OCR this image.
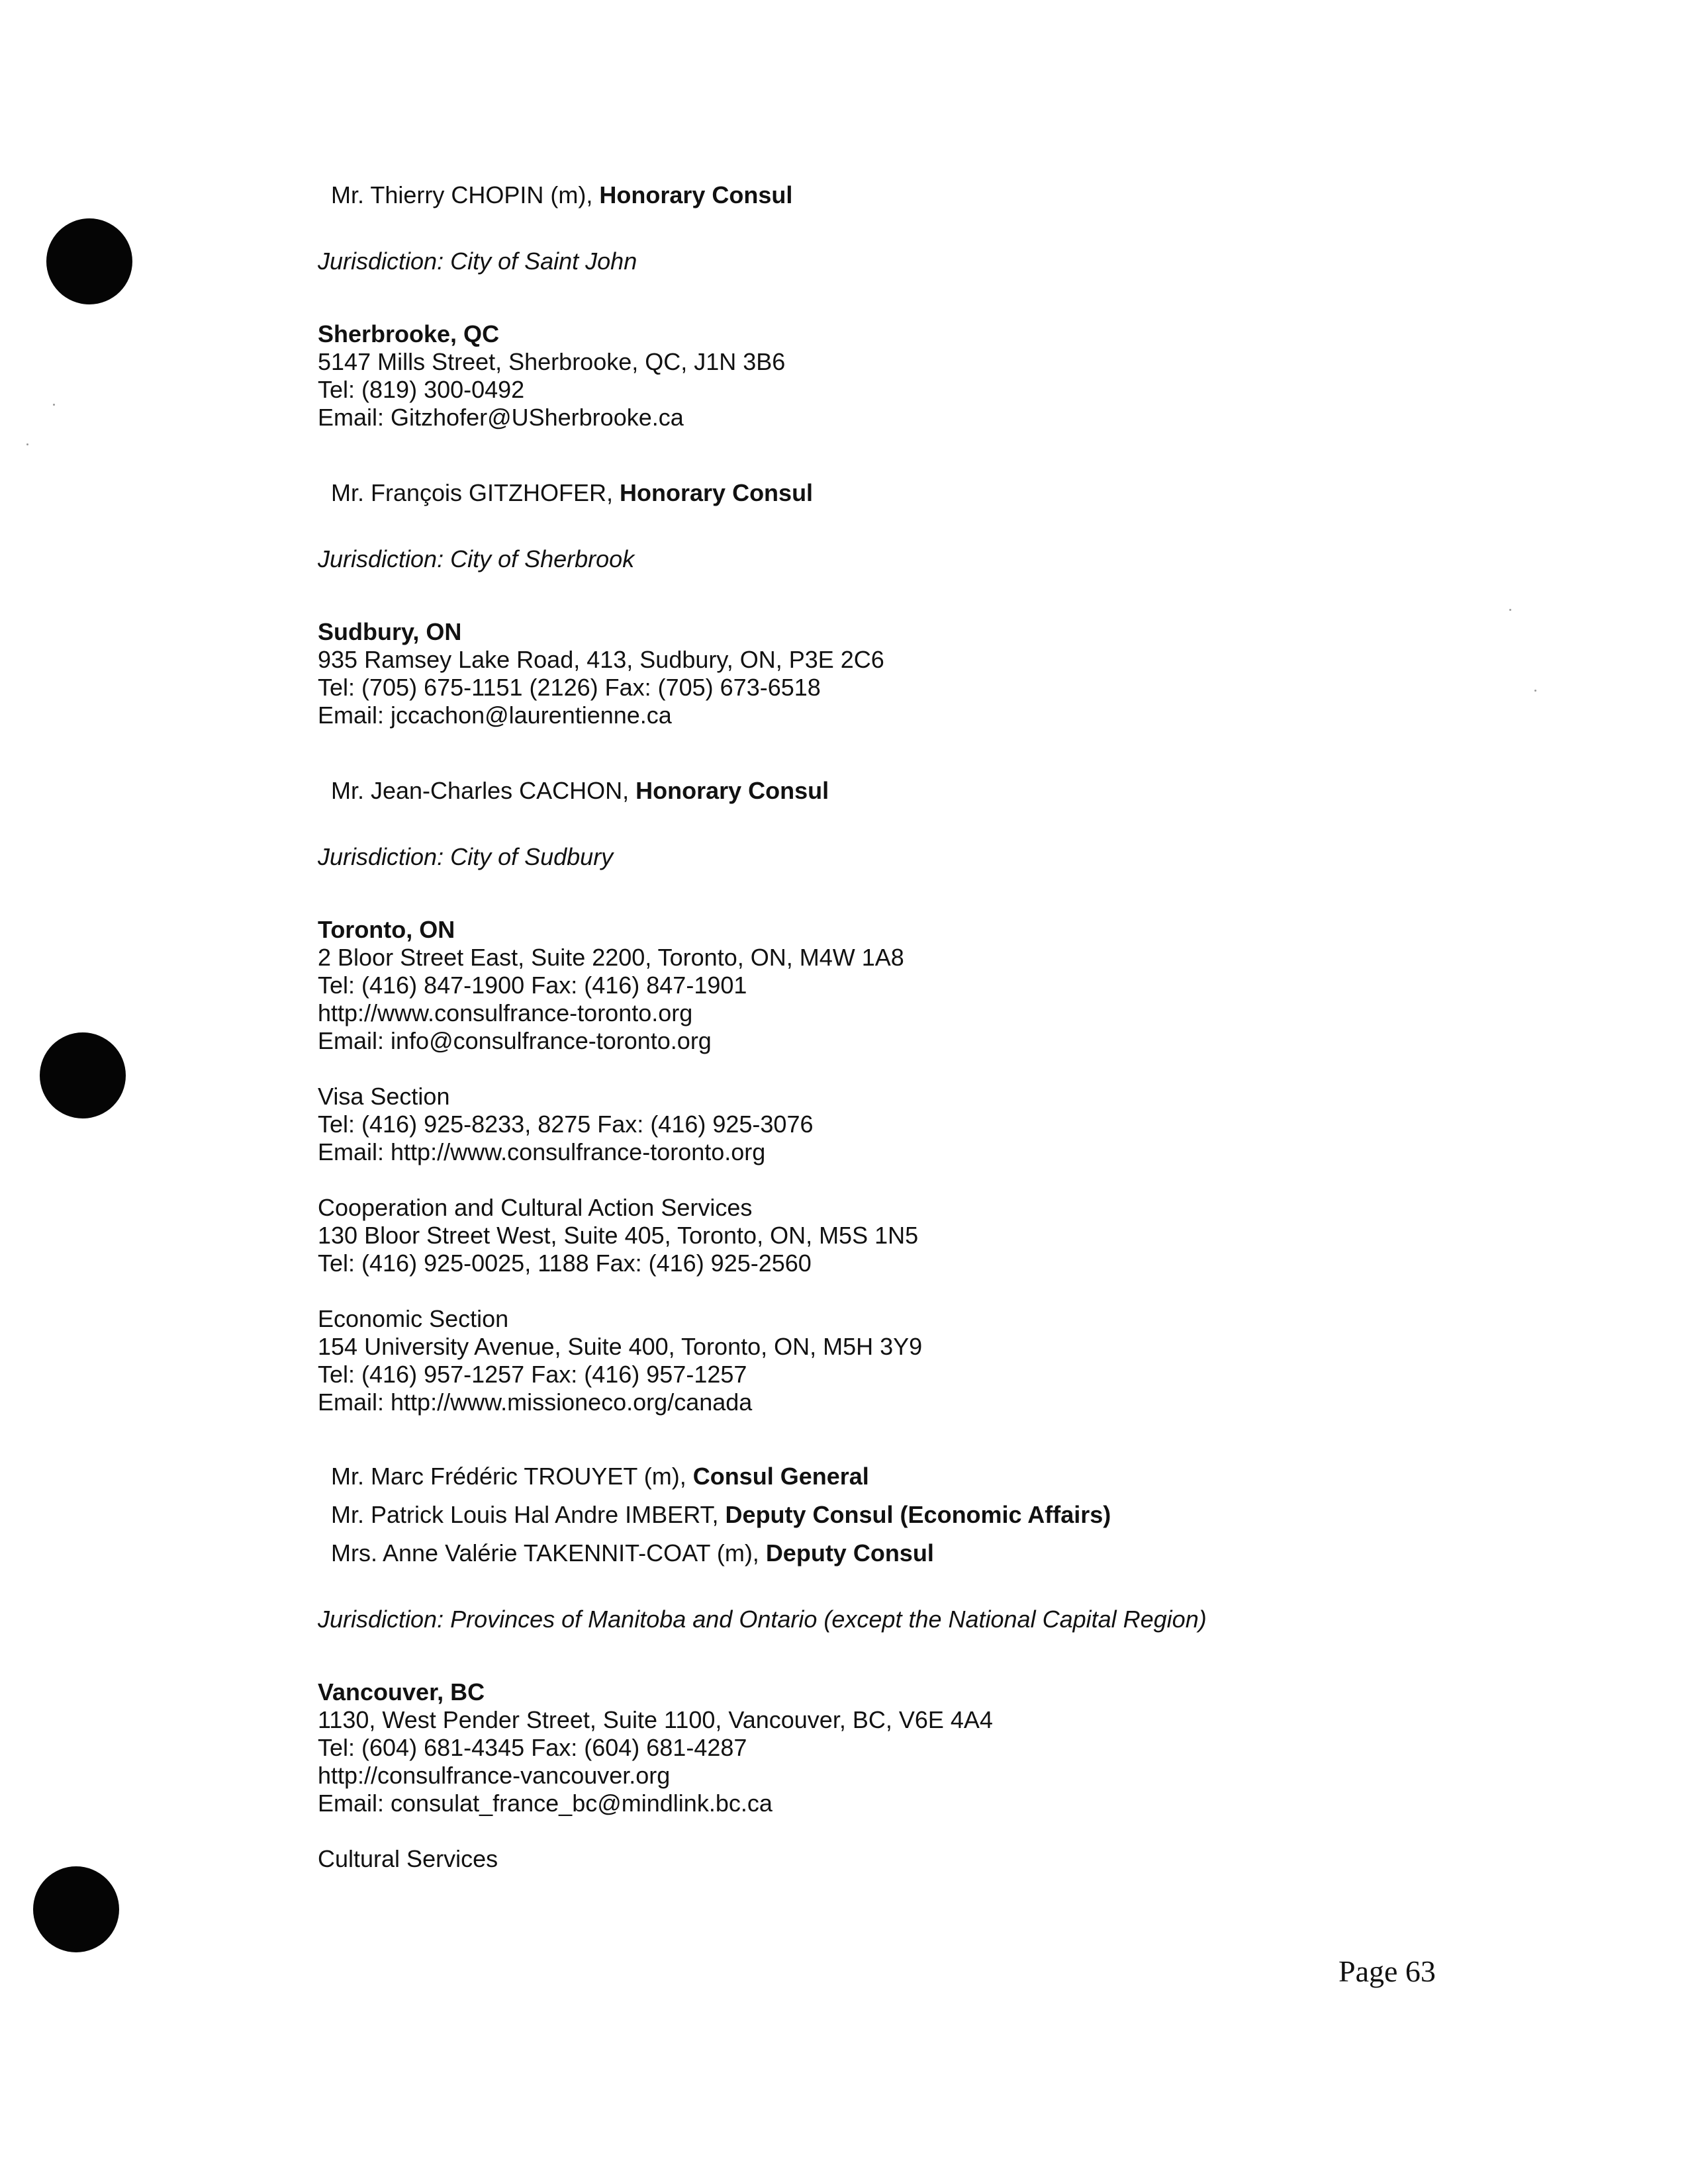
Mr. Thierry CHOPIN (m), Honorary Consul
Jurisdiction: City of Saint John
Sherbrooke, QC
5147 Mills Street, Sherbrooke, QC, J1N 3B6
Tel: (819) 300-0492
Email: Gitzhofer@USherbrooke.ca
Mr. François GITZHOFER, Honorary Consul
Jurisdiction: City of Sherbrook
Sudbury, ON
935 Ramsey Lake Road, 413, Sudbury, ON, P3E 2C6
Tel: (705) 675-1151 (2126) Fax: (705) 673-6518
Email: jccachon@laurentienne.ca
Mr. Jean-Charles CACHON, Honorary Consul
Jurisdiction: City of Sudbury
Toronto, ON
2 Bloor Street East, Suite 2200, Toronto, ON, M4W 1A8
Tel: (416) 847-1900 Fax: (416) 847-1901
http://www.consulfrance-toronto.org
Email: info@consulfrance-toronto.org
Visa Section
Tel: (416) 925-8233, 8275 Fax: (416) 925-3076
Email: http://www.consulfrance-toronto.org
Cooperation and Cultural Action Services
130 Bloor Street West, Suite 405, Toronto, ON, M5S 1N5
Tel: (416) 925-0025, 1188 Fax: (416) 925-2560
Economic Section
154 University Avenue, Suite 400, Toronto, ON, M5H 3Y9
Tel: (416) 957-1257 Fax: (416) 957-1257
Email: http://www.missioneco.org/canada
Mr. Marc Frédéric TROUYET (m), Consul General
Mr. Patrick Louis Hal Andre IMBERT, Deputy Consul (Economic Affairs)
Mrs. Anne Valérie TAKENNIT-COAT (m), Deputy Consul
Jurisdiction: Provinces of Manitoba and Ontario (except the National Capital Region)
Vancouver, BC
1130, West Pender Street, Suite 1100, Vancouver, BC, V6E 4A4
Tel: (604) 681-4345 Fax: (604) 681-4287
http://consulfrance-vancouver.org
Email: consulat_france_bc@mindlink.bc.ca
Cultural Services
Page 63
